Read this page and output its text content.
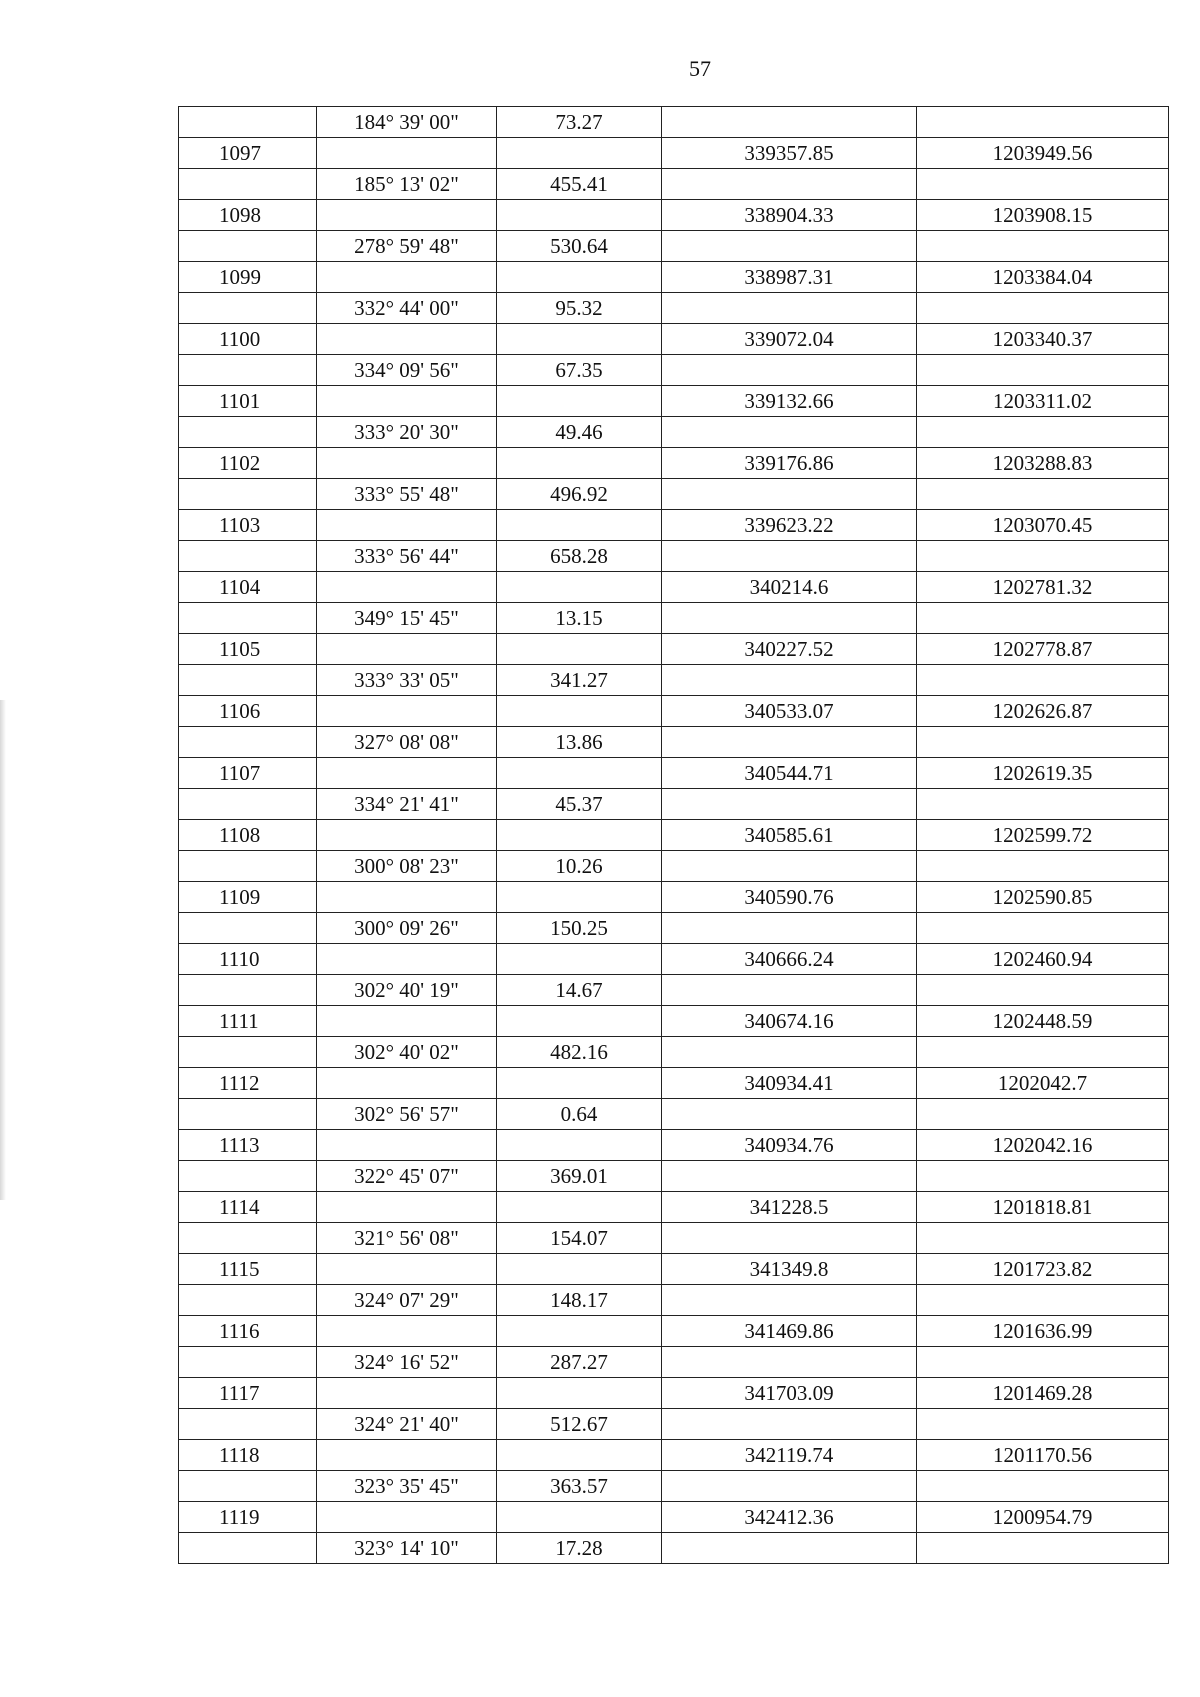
57
	184° 39' 00"	73.27		
1097			339357.85	1203949.56
	185° 13' 02"	455.41		
1098			338904.33	1203908.15
	278° 59' 48"	530.64		
1099			338987.31	1203384.04
	332° 44' 00"	95.32		
1100			339072.04	1203340.37
	334° 09' 56"	67.35		
1101			339132.66	1203311.02
	333° 20' 30"	49.46		
1102			339176.86	1203288.83
	333° 55' 48"	496.92		
1103			339623.22	1203070.45
	333° 56' 44"	658.28		
1104			340214.6	1202781.32
	349° 15' 45"	13.15		
1105			340227.52	1202778.87
	333° 33' 05"	341.27		
1106			340533.07	1202626.87
	327° 08' 08"	13.86		
1107			340544.71	1202619.35
	334° 21' 41"	45.37		
1108			340585.61	1202599.72
	300° 08' 23"	10.26		
1109			340590.76	1202590.85
	300° 09' 26"	150.25		
1110			340666.24	1202460.94
	302° 40' 19"	14.67		
1111			340674.16	1202448.59
	302° 40' 02"	482.16		
1112			340934.41	1202042.7
	302° 56' 57"	0.64		
1113			340934.76	1202042.16
	322° 45' 07"	369.01		
1114			341228.5	1201818.81
	321° 56' 08"	154.07		
1115			341349.8	1201723.82
	324° 07' 29"	148.17		
1116			341469.86	1201636.99
	324° 16' 52"	287.27		
1117			341703.09	1201469.28
	324° 21' 40"	512.67		
1118			342119.74	1201170.56
	323° 35' 45"	363.57		
1119			342412.36	1200954.79
	323° 14' 10"	17.28		
